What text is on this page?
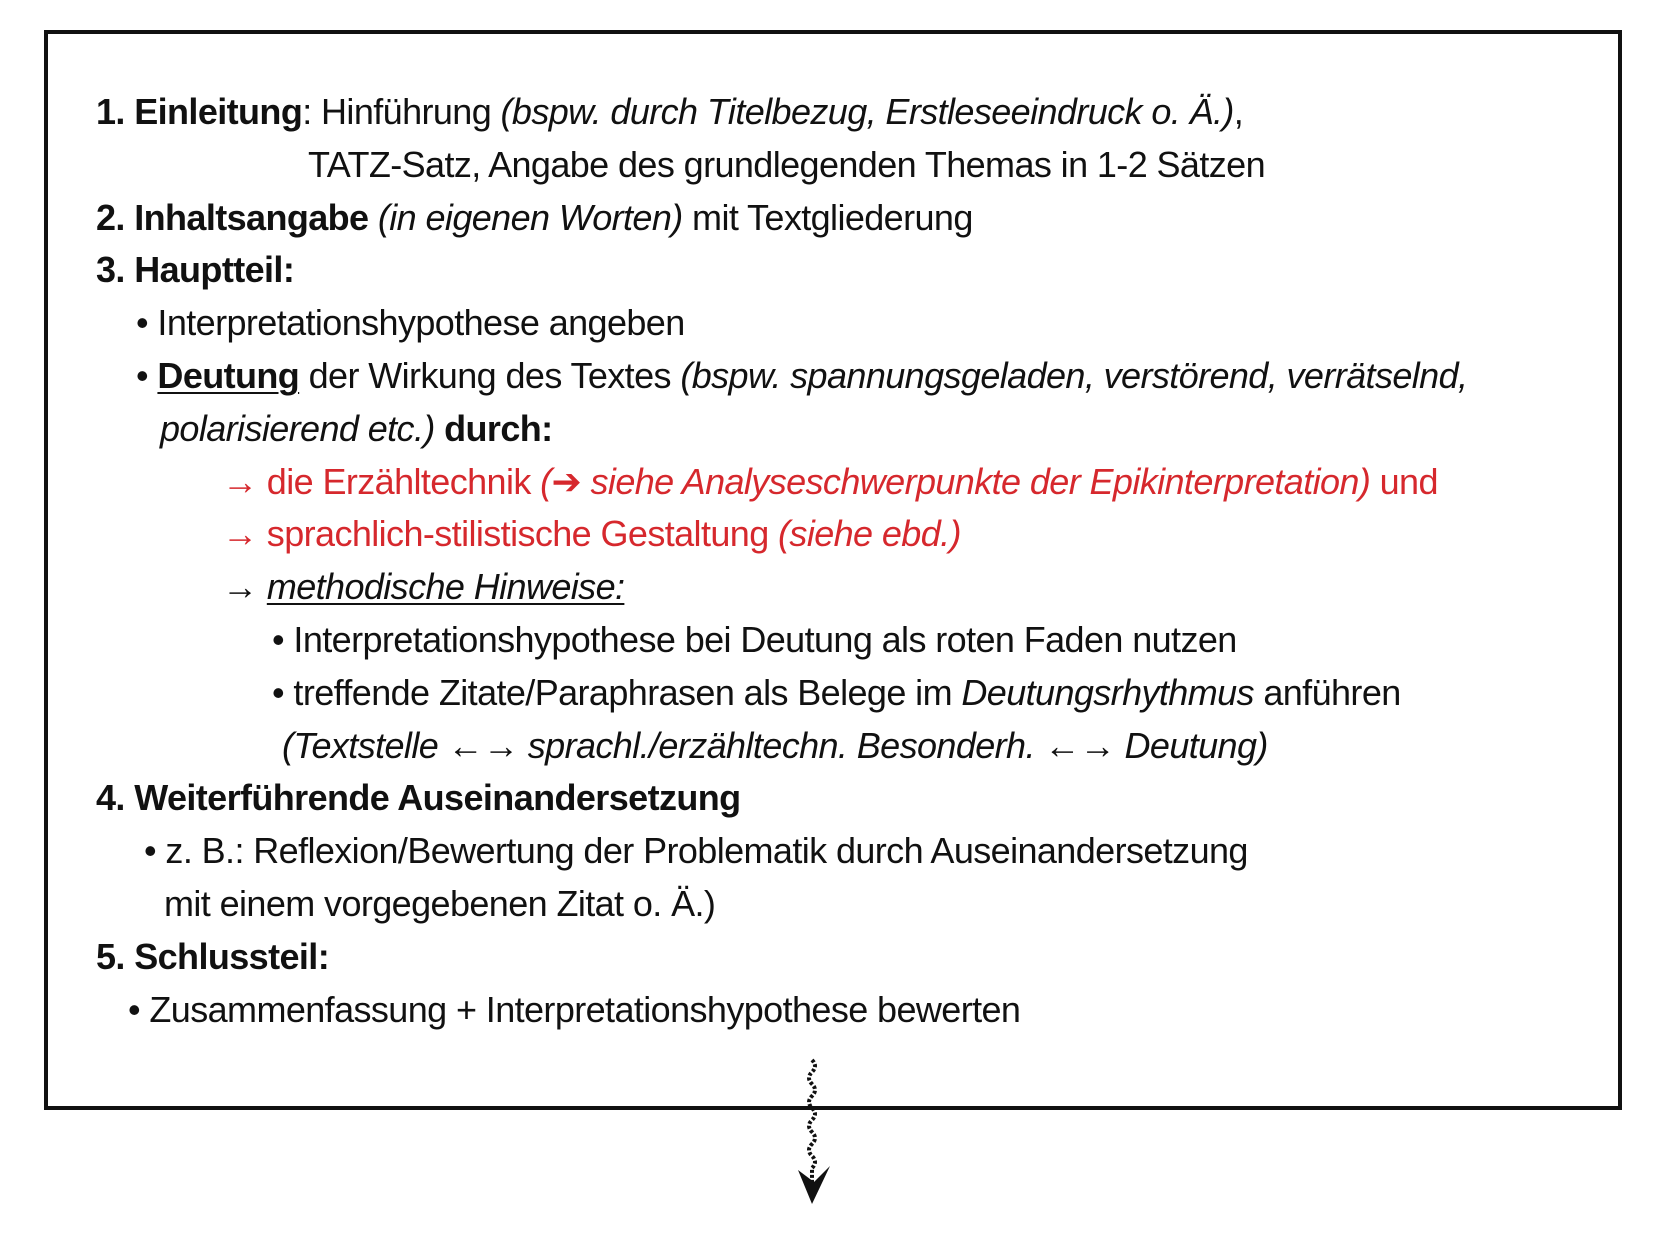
1. Einleitung: Hinführung (bspw. durch Titelbezug, Erstleseeindruck o. Ä.),
TATZ-Satz, Angabe des grundlegenden Themas in 1-2 Sätzen
2. Inhaltsangabe (in eigenen Worten) mit Textgliederung
3. Hauptteil:
• Interpretationshypothese angeben
• Deutung der Wirkung des Textes (bspw. spannungsgeladen, verstörend, verrätselnd,
polarisierend etc.) durch:
→ die Erzähltechnik (➔ siehe Analyseschwerpunkte der Epikinterpretation) und
→ sprachlich-stilistische Gestaltung (siehe ebd.)
→ methodische Hinweise:
• Interpretationshypothese bei Deutung als roten Faden nutzen
• treffende Zitate/Paraphrasen als Belege im Deutungsrhythmus anführen
(Textstelle ←→ sprachl./erzähltechn. Besonderh. ←→ Deutung)
4. Weiterführende Auseinandersetzung
• z. B.: Reflexion/Bewertung der Problematik durch Auseinandersetzung
mit einem vorgegebenen Zitat o. Ä.)
5. Schlussteil:
• Zusammenfassung + Interpretationshypothese bewerten
